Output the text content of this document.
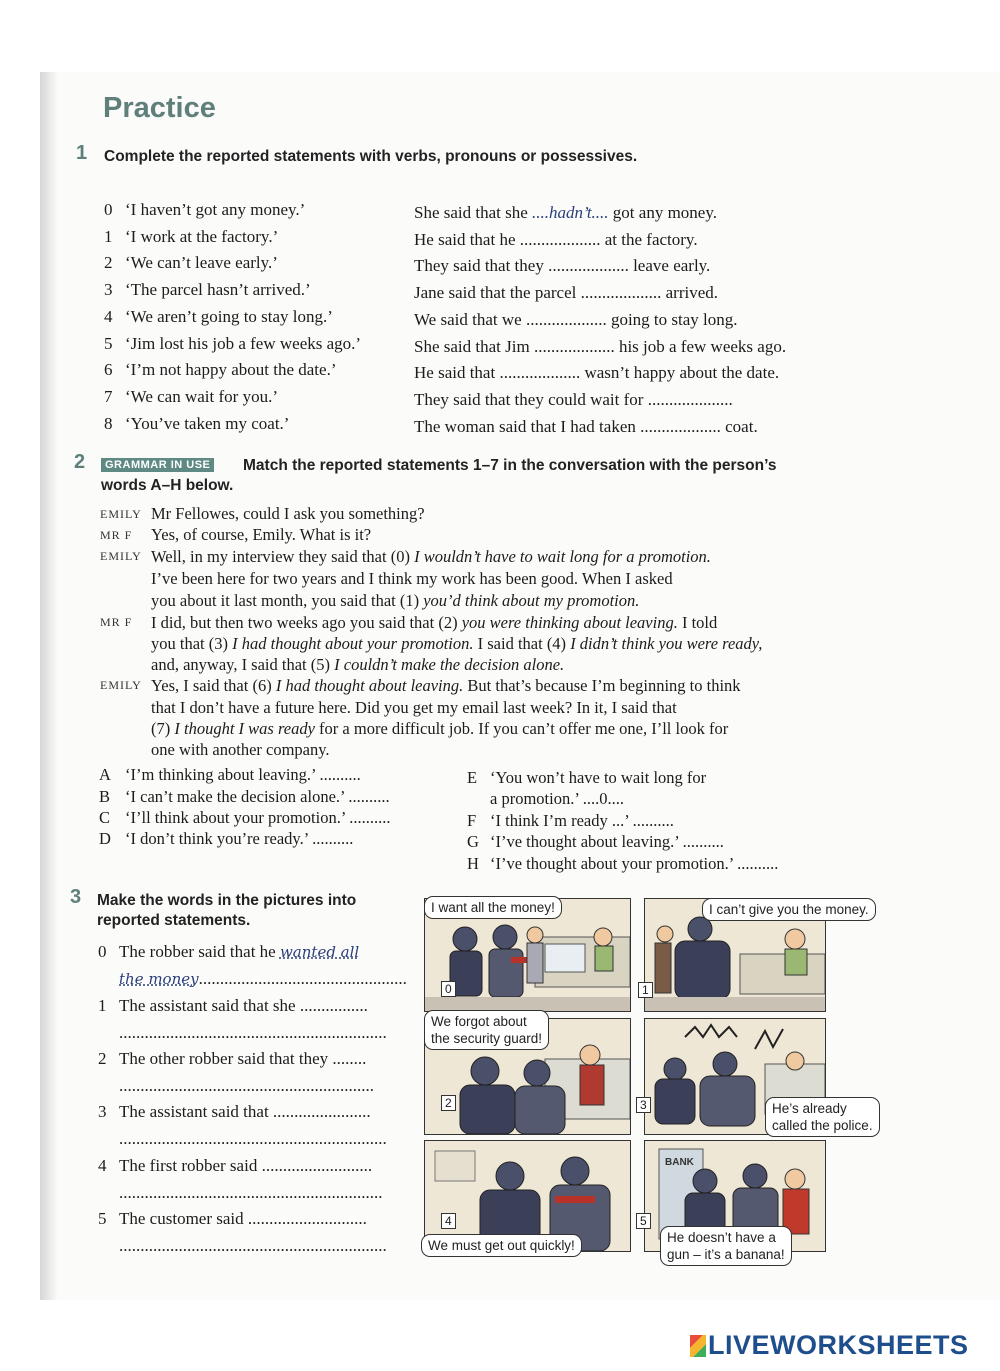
Practice
1 Complete the reported statements with verbs, pronouns or possessives.
0 ‘I haven’t got any money.’	She said that she ....hadn’t.... got any money.
1 ‘I work at the factory.’	He said that he ................... at the factory.
2 ‘We can’t leave early.’	They said that they ................... leave early.
3 ‘The parcel hasn’t arrived.’	Jane said that the parcel ................... arrived.
4 ‘We aren’t going to stay long.’	We said that we ................... going to stay long.
5 ‘Jim lost his job a few weeks ago.’	She said that Jim ................... his job a few weeks ago.
6 ‘I’m not happy about the date.’	He said that ................... wasn’t happy about the date.
7 ‘We can wait for you.’	They said that they could wait for ....................
8 ‘You’ve taken my coat.’	The woman said that I had taken ................... coat.
2	GRAMMAR IN USE Match the reported statements 1–7 in the conversation with the person’s
words A–H below.
EMILY Mr Fellowes, could I ask you something?
MR F Yes, of course, Emily. What is it?
EMILY Well, in my interview they said that (0) I wouldn’t have to wait long for a promotion.
I’ve been here for two years and I think my work has been good. When I asked
you about it last month, you said that (1) you’d think about my promotion.
MR F I did, but then two weeks ago you said that (2) you were thinking about leaving. I told
you that (3) I had thought about your promotion. I said that (4) I didn’t think you were ready,
and, anyway, I said that (5) I couldn’t make the decision alone.
EMILY Yes, I said that (6) I had thought about leaving. But that’s because I’m beginning to think
that I don’t have a future here. Did you get my email last week? In it, I said that
(7) I thought I was ready for a more difficult job. If you can’t offer me one, I’ll look for
one with another company.
A ‘I’m thinking about leaving.’ ..........
B ‘I can’t make the decision alone.’ ..........
C ‘I’ll think about your promotion.’ ..........
D ‘I don’t think you’re ready.’ ..........
E ‘You won’t have to wait long for
a promotion.’ ....0....
F ‘I think I’m ready ...’ ..........
G ‘I’ve thought about leaving.’ ..........
H ‘I’ve thought about your promotion.’ ..........
3 Make the words in the pictures into
reported statements.
0 The robber said that he wanted all
the money.................................................
1 The assistant said that she ................
...............................................................
2 The other robber said that they ........
............................................................
3 The assistant said that .......................
...............................................................
4 The first robber said ..........................
..............................................................
5 The customer said ............................
...............................................................
BANK
0	1
2	3
4	5
I want all the money!	I can’t give you the money.
We forgot about
the security guard!
He’s already
called the police.
We must get out quickly!
He doesn’t have a
gun – it’s a banana!
LIVEWORKSHEETS
